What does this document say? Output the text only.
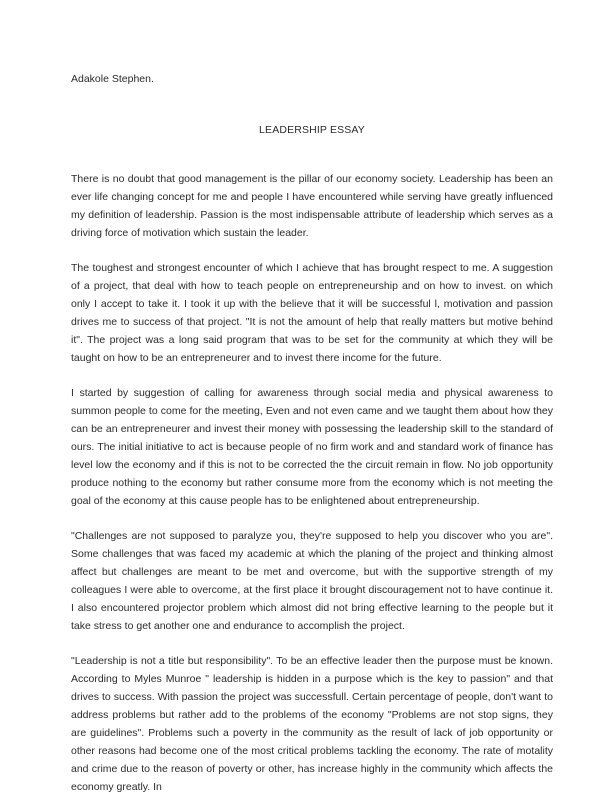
Adakole Stephen.

LEADERSHIP ESSAY

There is no doubt that good management is the pillar of our economy society. Leadership has been an ever life changing concept for me and people I have encountered while serving have greatly influenced my definition of leadership. Passion is the most indispensable attribute of leadership which serves as a driving force of motivation which sustain the leader.

The toughest and strongest encounter of which I achieve that has brought respect to me. A suggestion of a project, that deal with how to teach people on entrepreneurship and on how to invest. on which only I accept to take it. I took it up with the believe that it will be successful l, motivation and passion drives me to success of that project. "It is not the amount of help that really matters but motive behind it". The project was a long said program that was to be set for the community at which they will be taught on how to be an entrepreneurer and to invest there income for the future.

I started by suggestion of calling for awareness through social media and physical awareness to summon people to come for the meeting, Even and not even came and we taught them about how they can be an entrepreneurer and invest their money with possessing the leadership skill to the standard of ours. The initial initiative to act is because people of no firm work and and standard work of finance has level low the economy and if this is not to be corrected the the circuit remain in flow. No job opportunity produce nothing to the economy but rather consume more from the economy which is not meeting the goal of the economy at this cause people has to be enlightened about entrepreneurship.

"Challenges are not supposed to paralyze you, they're supposed to help you discover who you are". Some challenges that was faced my academic at which the planing of the project and thinking almost affect but challenges are meant to be met and overcome, but with the supportive strength of my colleagues I were able to overcome, at the first place it brought discouragement not to have continue it. I also encountered projector problem which almost did not bring effective learning to the people but it take stress to get another one and endurance to accomplish the project.

"Leadership is not a title but responsibility". To be an effective leader then the purpose must be known. According to Myles Munroe " leadership is hidden in a purpose which is the key to passion" and that drives to success. With passion the project was successfull. Certain percentage of people, don't want to address problems but rather add to the problems of the economy "Problems are not stop signs, they are guidelines". Problems such a poverty in the community as the result of lack of job opportunity or other reasons had become one of the most critical problems tackling the economy. The rate of motality and crime due to the reason of poverty or other, has increase highly in the community which affects the economy greatly. In
